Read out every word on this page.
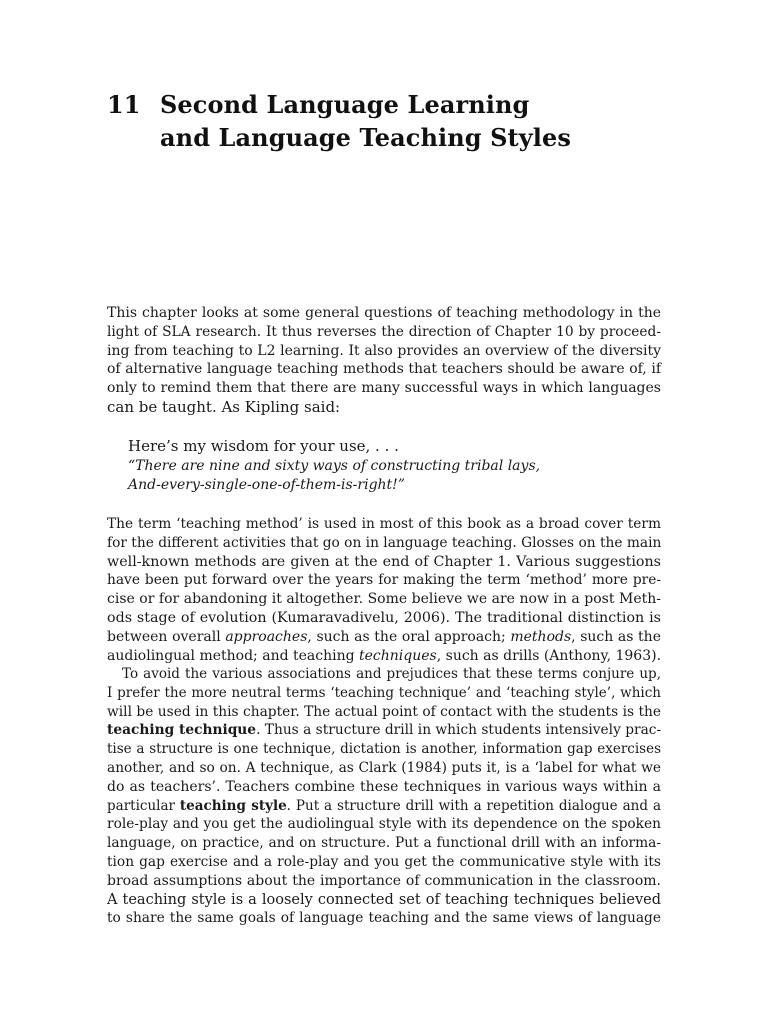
11 Second Language Learning
and Language Teaching Styles
This chapter looks at some general questions of teaching methodology in the
light of SLA research. It thus reverses the direction of Chapter 10 by proceed-
ing from teaching to L2 learning. It also provides an overview of the diversity
of alternative language teaching methods that teachers should be aware of, if
only to remind them that there are many successful ways in which languages
can be taught. As Kipling said:
Here’s my wisdom for your use, . . .
“There are nine and sixty ways of constructing tribal lays,
And-every-single-one-of-them-is-right!”
The term ‘teaching method’ is used in most of this book as a broad cover term
for the different activities that go on in language teaching. Glosses on the main
well-known methods are given at the end of Chapter 1. Various suggestions
have been put forward over the years for making the term ‘method’ more pre-
cise or for abandoning it altogether. Some believe we are now in a post Meth-
ods stage of evolution (Kumaravadivelu, 2006). The traditional distinction is
between overall approaches, such as the oral approach; methods, such as the
audiolingual method; and teaching techniques, such as drills (Anthony, 1963).
To avoid the various associations and prejudices that these terms conjure up,
I prefer the more neutral terms ‘teaching technique’ and ‘teaching style’, which
will be used in this chapter. The actual point of contact with the students is the
teaching technique. Thus a structure drill in which students intensively prac-
tise a structure is one technique, dictation is another, information gap exercises
another, and so on. A technique, as Clark (1984) puts it, is a ‘label for what we
do as teachers’. Teachers combine these techniques in various ways within a
particular teaching style. Put a structure drill with a repetition dialogue and a
role-play and you get the audiolingual style with its dependence on the spoken
language, on practice, and on structure. Put a functional drill with an informa-
tion gap exercise and a role-play and you get the communicative style with its
broad assumptions about the importance of communication in the classroom.
A teaching style is a loosely connected set of teaching techniques believed
to share the same goals of language teaching and the same views of language
